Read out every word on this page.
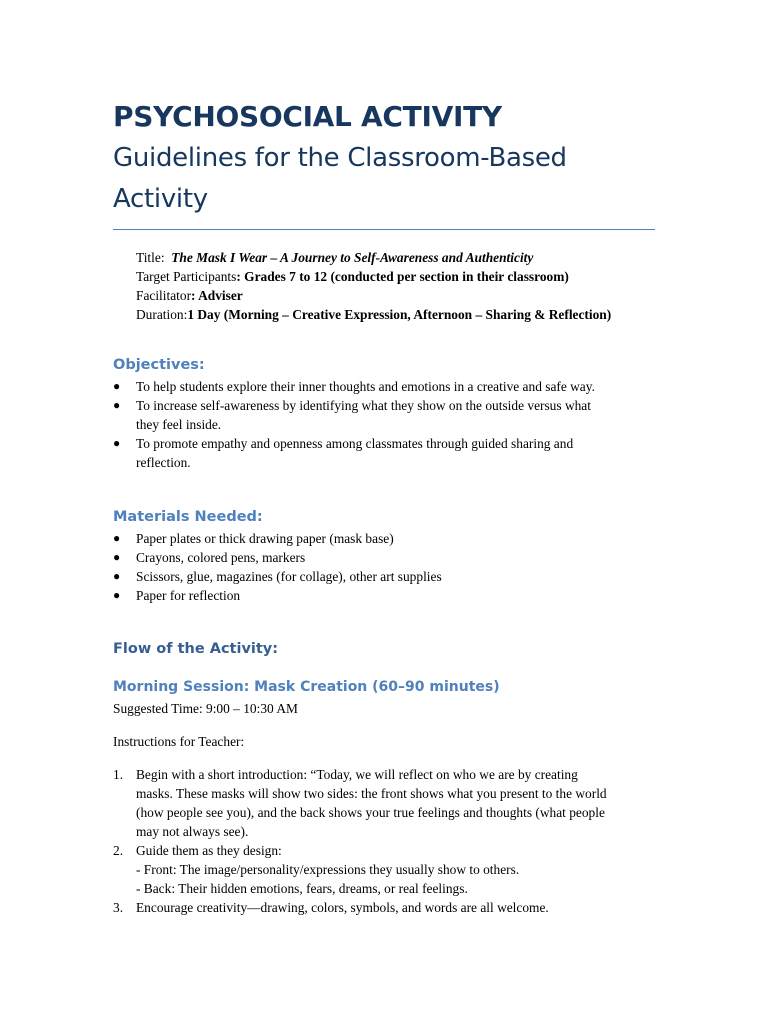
PSYCHOSOCIAL ACTIVITY
Guidelines for the Classroom-Based
Activity
Title: The Mask I Wear – A Journey to Self-Awareness and Authenticity
Target Participants: Grades 7 to 12 (conducted per section in their classroom)
Facilitator: Adviser
Duration:1 Day (Morning – Creative Expression, Afternoon – Sharing & Reflection)
Objectives:
●	To help students explore their inner thoughts and emotions in a creative and safe way.
●	To increase self-awareness by identifying what they show on the outside versus what
they feel inside.
●	To promote empathy and openness among classmates through guided sharing and
reflection.
Materials Needed:
●	Paper plates or thick drawing paper (mask base)
●	Crayons, colored pens, markers
●	Scissors, glue, magazines (for collage), other art supplies
●	Paper for reflection
Flow of the Activity:
Morning Session: Mask Creation (60–90 minutes)

Suggested Time: 9:00 – 10:30 AM

Instructions for Teacher:

1. Begin with a short introduction: “Today, we will reflect on who we are by creating
masks. These masks will show two sides: the front shows what you present to the world
(how people see you), and the back shows your true feelings and thoughts (what people
may not always see).
2. Guide them as they design:
- Front: The image/personality/expressions they usually show to others.
- Back: Their hidden emotions, fears, dreams, or real feelings.
3. Encourage creativity—drawing, colors, symbols, and words are all welcome.
